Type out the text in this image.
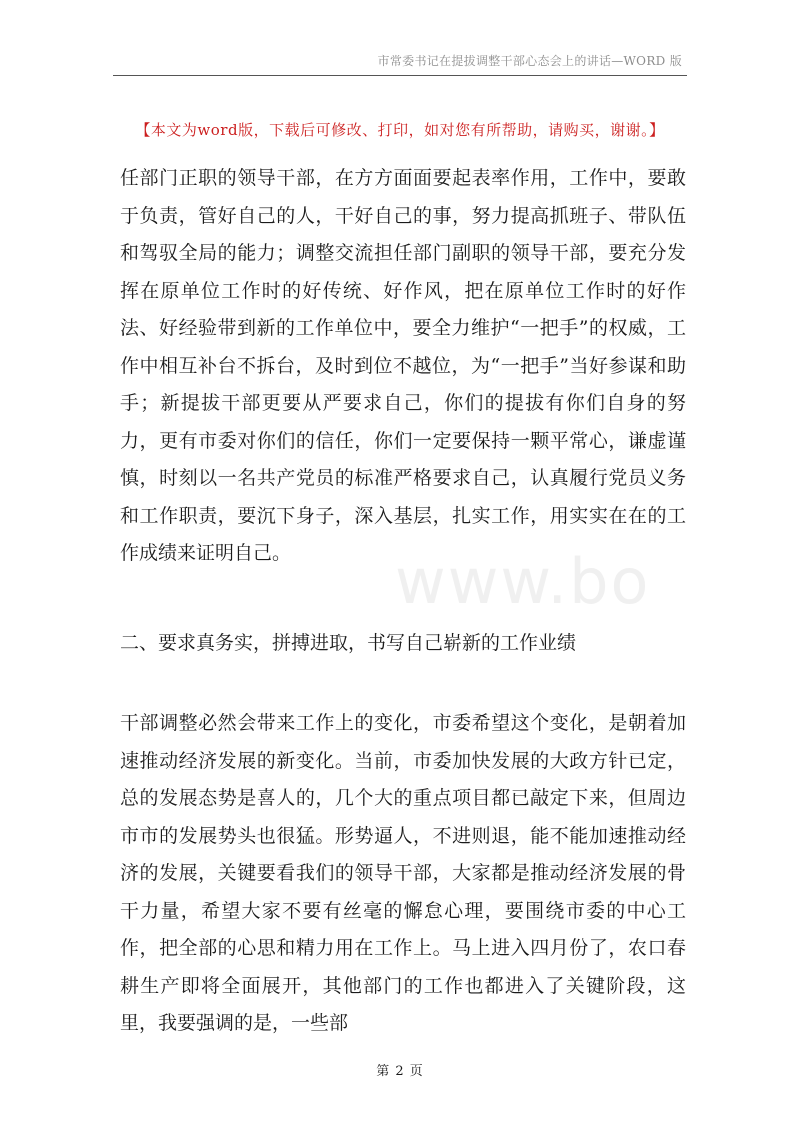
市常委书记在提拔调整干部心态会上的讲话—WORD 版
【本文为word版，下载后可修改、打印，如对您有所帮助，请购买，谢谢。】

任部门正职的领导干部，在方方面面要起表率作用，工作中，要敢于负责，管好自己的人，干好自己的事，努力提高抓班子、带队伍和驾驭全局的能力；调整交流担任部门副职的领导干部，要充分发挥在原单位工作时的好传统、好作风，把在原单位工作时的好作法、好经验带到新的工作单位中，要全力维护“一把手”的权威，工作中相互补台不拆台，及时到位不越位，为“一把手”当好参谋和助手；新提拔干部更要从严要求自己，你们的提拔有你们自身的努力，更有市委对你们的信任，你们一定要保持一颗平常心，谦虚谨慎，时刻以一名共产党员的标准严格要求自己，认真履行党员义务和工作职责，要沉下身子，深入基层，扎实工作，用实实在在的工作成绩来证明自己。

二、要求真务实，拼搏进取，书写自己崭新的工作业绩

干部调整必然会带来工作上的变化，市委希望这个变化，是朝着加速推动经济发展的新变化。当前，市委加快发展的大政方针已定，总的发展态势是喜人的，几个大的重点项目都已敲定下来，但周边市市的发展势头也很猛。形势逼人，不进则退，能不能加速推动经济的发展，关键要看我们的领导干部，大家都是推动经济发展的骨干力量，希望大家不要有丝毫的懈怠心理，要围绕市委的中心工作，把全部的心思和精力用在工作上。马上进入四月份了，农口春耕生产即将全面展开，其他部门的工作也都进入了关键阶段，这里，我要强调的是，一些部

www.bo
第 2 页
